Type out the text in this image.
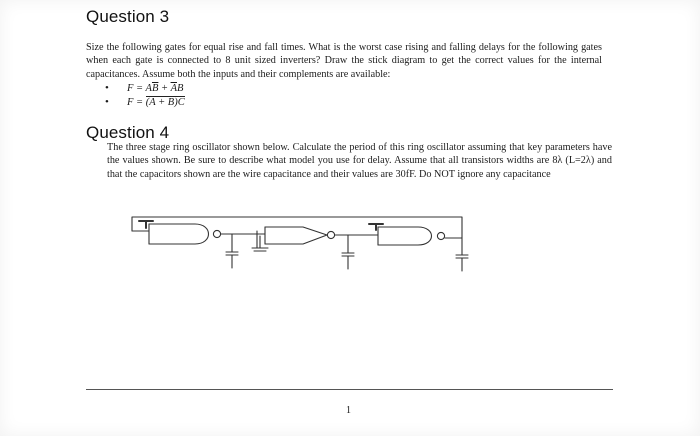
Question 3
Size the following gates for equal rise and fall times. What is the worst case rising and falling delays for the following gates when each gate is connected to 8 unit sized inverters? Draw the stick diagram to get the correct values for the internal capacitances. Assume both the inputs and their complements are available:
• $F = A\overline{B} + \overline{A}B$
• F = (A + B)C
Question 4
The three stage ring oscillator shown below. Calculate the period of this ring oscillator assuming that key parameters have the values shown. Be sure to describe what model you use for delay. Assume that all transistors widths are 8λ (L=2λ) and that the capacitors shown are the wire capacitance and their values are 30fF. Do NOT ignore any capacitance
1
